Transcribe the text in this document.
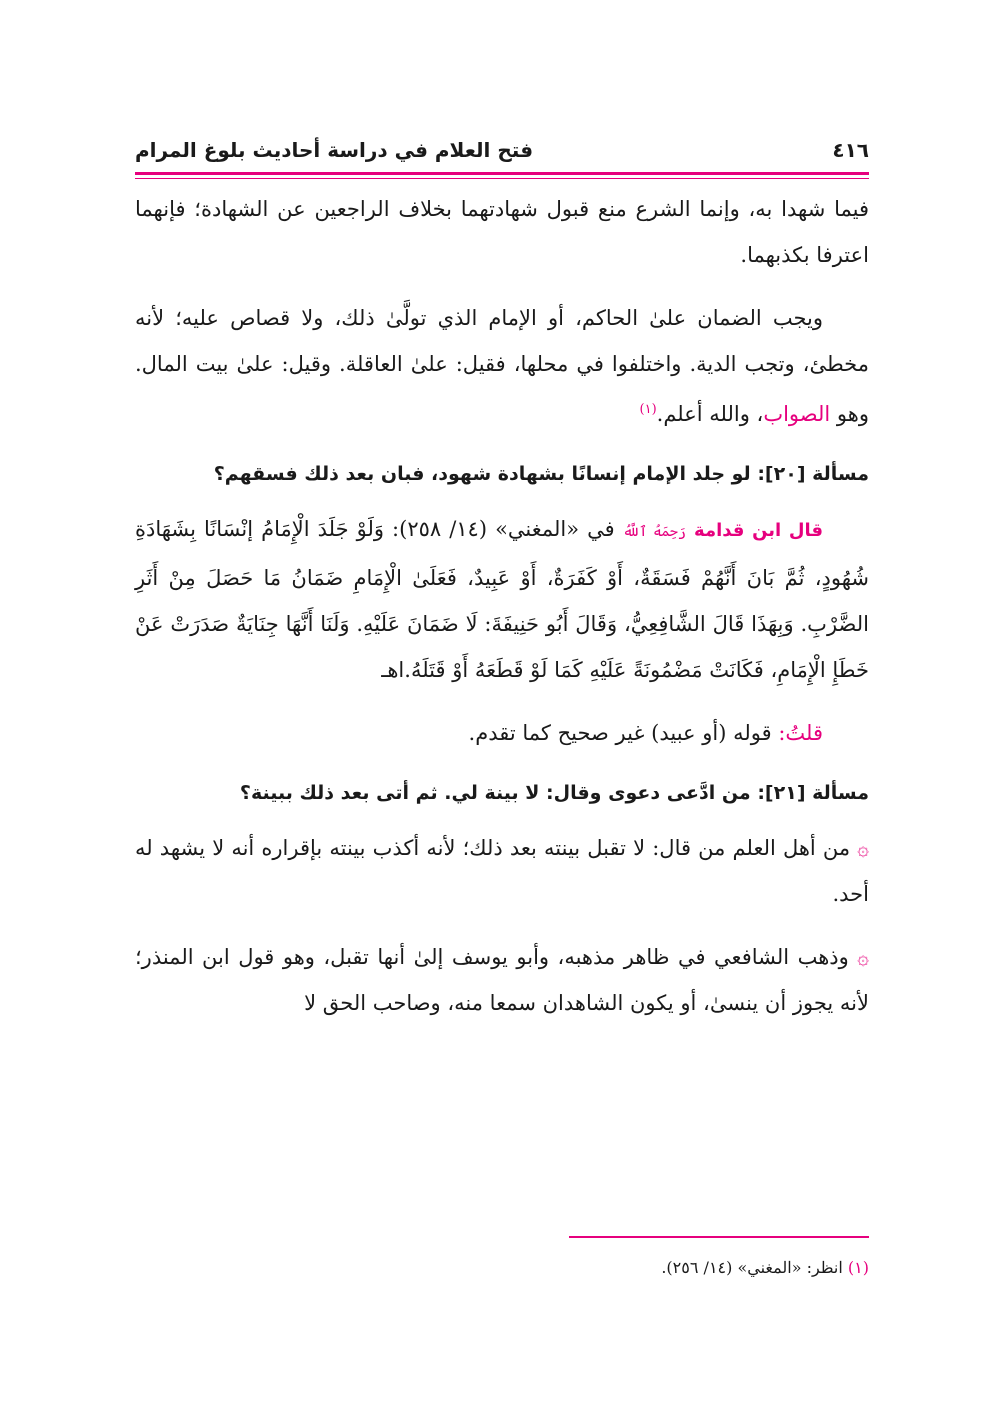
٤١٦
فتح العلام في دراسة أحاديث بلوغ المرام

فيما شهدا به، وإنما الشرع منع قبول شهادتهما بخلاف الراجعين عن الشهادة؛ فإنهما اعترفا بكذبهما.

ويجب الضمان علىٰ الحاكم، أو الإمام الذي تولَّىٰ ذلك، ولا قصاص عليه؛ لأنه مخطئ، وتجب الدية. واختلفوا في محلها، فقيل: علىٰ العاقلة. وقيل: علىٰ بيت المال. وهو الصواب، والله أعلم.$^{(١)}$

مسألة [٢٠]: لو جلد الإمام إنسانًا بشهادة شهود، فبان بعد ذلك فسقهم؟

قال ابن قدامة رَحِمَهُ ٱللَّهُ في «المغني» (١٤/ ٢٥٨): وَلَوْ جَلَدَ الْإِمَامُ إنْسَانًا بِشَهَادَةِ شُهُودٍ، ثُمَّ بَانَ أَنَّهُمْ فَسَقَةٌ، أَوْ كَفَرَةٌ، أَوْ عَبِيدٌ، فَعَلَىٰ الْإِمَامِ ضَمَانُ مَا حَصَلَ مِنْ أَثَرِ الضَّرْبِ. وَبِهَذَا قَالَ الشَّافِعِيُّ، وَقَالَ أَبُو حَنِيفَةَ: لَا ضَمَانَ عَلَيْهِ. وَلَنَا أَنَّهَا جِنَايَةٌ صَدَرَتْ عَنْ خَطَإِ الْإِمَامِ، فَكَانَتْ مَضْمُونَةً عَلَيْهِ كَمَا لَوْ قَطَعَهُ أَوْ قَتَلَهُ.اهـ

قلتُ: قوله (أو عبيد) غير صحيح كما تقدم.

مسألة [٢١]: من ادَّعى دعوى وقال: لا بينة لي. ثم أتى بعد ذلك ببينة؟

۞ من أهل العلم من قال: لا تقبل بينته بعد ذلك؛ لأنه أكذب بينته بإقراره أنه لا يشهد له أحد.

۞ وذهب الشافعي في ظاهر مذهبه، وأبو يوسف إلىٰ أنها تقبل، وهو قول ابن المنذر؛ لأنه يجوز أن ينسىٰ، أو يكون الشاهدان سمعا منه، وصاحب الحق لا

(١) انظر: «المغني» (١٤/ ٢٥٦).
